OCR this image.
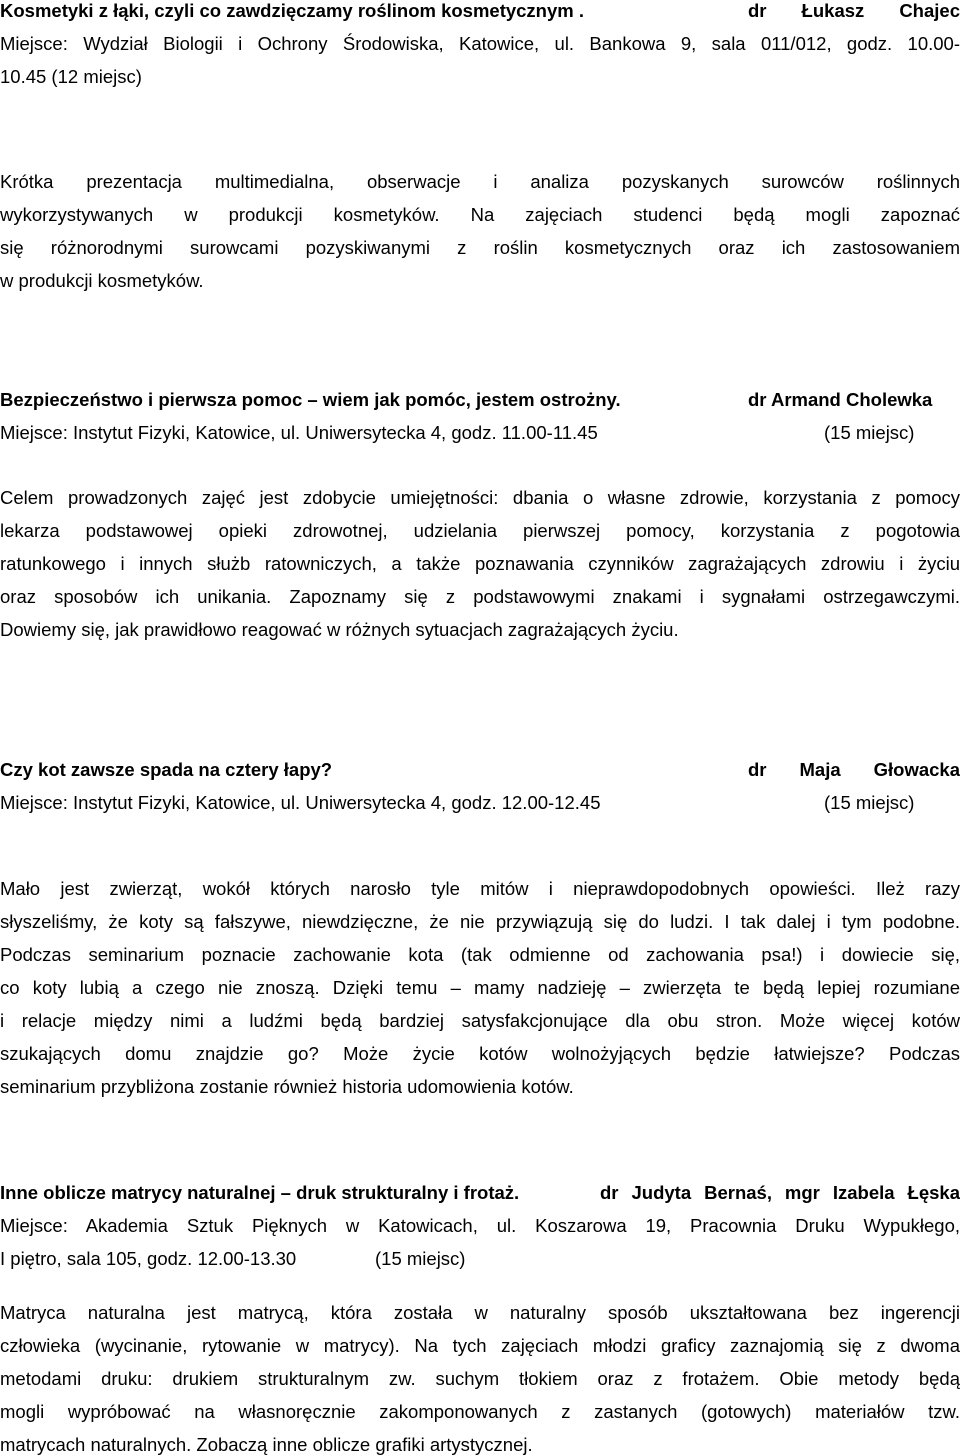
Kosmetyki z łąki, czyli co zawdzięczamy roślinom kosmetycznym .	dr Łukasz Chajec
Miejsce: Wydział Biologii i Ochrony Środowiska, Katowice, ul. Bankowa 9, sala 011/012, godz. 10.00-
10.45 (12 miejsc)
Krótka prezentacja multimedialna, obserwacje i analiza pozyskanych surowców roślinnych
wykorzystywanych w produkcji kosmetyków. Na zajęciach studenci będą mogli zapoznać
się różnorodnymi surowcami pozyskiwanymi z roślin kosmetycznych oraz ich zastosowaniem
w produkcji kosmetyków.
Bezpieczeństwo i pierwsza pomoc – wiem jak pomóc, jestem ostrożny.	dr Armand Cholewka
Miejsce: Instytut Fizyki, Katowice, ul. Uniwersytecka 4, godz. 11.00-11.45	(15 miejsc)
Celem prowadzonych zajęć jest zdobycie umiejętności: dbania o własne zdrowie, korzystania z pomocy
lekarza podstawowej opieki zdrowotnej, udzielania pierwszej pomocy, korzystania z pogotowia
ratunkowego i innych służb ratowniczych, a także poznawania czynników zagrażających zdrowiu i życiu
oraz sposobów ich unikania. Zapoznamy się z podstawowymi znakami i sygnałami ostrzegawczymi.
Dowiemy się, jak prawidłowo reagować w różnych sytuacjach zagrażających życiu.
Czy kot zawsze spada na cztery łapy?	dr Maja Głowacka
Miejsce: Instytut Fizyki, Katowice, ul. Uniwersytecka 4, godz. 12.00-12.45	(15 miejsc)
Mało jest zwierząt, wokół których narosło tyle mitów i nieprawdopodobnych opowieści. Ileż razy
słyszeliśmy, że koty są fałszywe, niewdzięczne, że nie przywiązują się do ludzi. I tak dalej i tym podobne.
Podczas seminarium poznacie zachowanie kota (tak odmienne od zachowania psa!) i dowiecie się,
co koty lubią a czego nie znoszą. Dzięki temu – mamy nadzieję – zwierzęta te będą lepiej rozumiane
i relacje między nimi a ludźmi będą bardziej satysfakcjonujące dla obu stron. Może więcej kotów
szukających domu znajdzie go? Może życie kotów wolnożyjących będzie łatwiejsze? Podczas
seminarium przybliżona zostanie również historia udomowienia kotów.
Inne oblicze matrycy naturalnej – druk strukturalny i frotaż.	dr Judyta Bernaś, mgr Izabela Łęska
Miejsce: Akademia Sztuk Pięknych w Katowicach, ul. Koszarowa 19, Pracownia Druku Wypukłego,
I piętro, sala 105, godz. 12.00-13.30	(15 miejsc)
Matryca naturalna jest matrycą, która została w naturalny sposób ukształtowana bez ingerencji
człowieka (wycinanie, rytowanie w matrycy). Na tych zajęciach młodzi graficy zaznajomią się z dwoma
metodami druku: drukiem strukturalnym zw. suchym tłokiem oraz z frotażem. Obie metody będą
mogli wypróbować na własnoręcznie zakomponowanych z zastanych (gotowych) materiałów tzw.
matrycach naturalnych. Zobaczą inne oblicze grafiki artystycznej.
